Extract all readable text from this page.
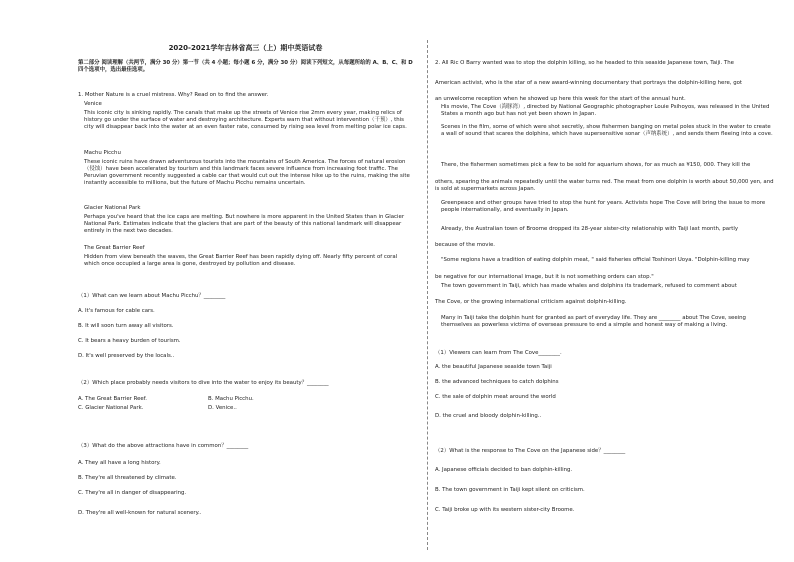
2020-2021学年吉林省高三（上）期中英语试卷
第二部分 阅读理解（共两节，满分 30 分）第一节（共 4 小题；每小题 6 分，满分 30 分）阅读下列短文，从每题所给的 A、B、C、和 D 四个选项中，选出最佳选项。
1. Mother Nature is a cruel mistress. Why? Read on to find the answer.
Venice
This iconic city is sinking rapidly. The canals that make up the streets of Venice rise 2mm every year, making relics of history go under the surface of water and destroying architecture. Experts warn that without intervention（干预）, this city will disappear back into the water at an even faster rate, consumed by rising sea level from melting polar ice caps.
Machu Picchu
These iconic ruins have drawn adventurous tourists into the mountains of South America. The forces of natural erosion（侵蚀）have been accelerated by tourism and this landmark faces severe influence from increasing foot traffic. The Peruvian government recently suggested a cable car that would cut out the intense hike up to the ruins, making the site instantly accessible to millions, but the future of Machu Picchu remains uncertain.
Glacier National Park
Perhaps you've heard that the ice caps are melting. But nowhere is more apparent in the United States than in Glacier National Park. Estimates indicate that the glaciers that are part of the beauty of this national landmark will disappear entirely in the next two decades.
The Great Barrier Reef
Hidden from view beneath the waves, the Great Barrier Reef has been rapidly dying off. Nearly fifty percent of coral which once occupied a large area is gone, destroyed by pollution and disease.
（1）What can we learn about Machu Picchu？________
A. It's famous for cable cars.
B. It will soon turn away all visitors.
C. It bears a heavy burden of tourism.
D. It's well preserved by the locals..
（2）Which place probably needs visitors to dive into the water to enjoy its beauty？________
A. The Great Barrier Reef.	B. Machu Picchu.
C. Glacier National Park.	D. Venice..
（3）What do the above attractions have in common？________
A. They all have a long history.
B. They're all threatened by climate.
C. They're all in danger of disappearing.
D. They're all well-known for natural scenery..
2. All Ric O Barry wanted was to stop the dolphin killing, so he headed to this seaside Japanese town, Taiji. The
American activist, who is the star of a new award-winning documentary that portrays the dolphin-killing here, got
an unwelcome reception when he showed up here this week for the start of the annual hunt.
His movie, The Cove（海豚湾）, directed by National Geographic photographer Louie Psihoyos, was released in the United States a month ago but has not yet been shown in Japan.
Scenes in the film, some of which were shot secretly, show fishermen banging on metal poles stuck in the water to create a wall of sound that scares the dolphins, which have supersensitive sonar（声纳系统）, and sends them fleeing into a cove.
There, the fishermen sometimes pick a few to be sold for aquarium shows, for as much as ¥150, 000. They kill the
others, spearing the animals repeatedly until the water turns red. The meat from one dolphin is worth about 50,000 yen, and is sold at supermarkets across Japan.
Greenpeace and other groups have tried to stop the hunt for years. Activists hope The Cove will bring the issue to more people internationally, and eventually in Japan.
Already, the Australian town of Broome dropped its 28-year sister-city relationship with Taiji last month, partly
because of the movie.
"Some regions have a tradition of eating dolphin meat, " said fisheries official Toshinori Uoya. "Dolphin-killing may
be negative for our international image, but it is not something orders can stop."
The town government in Taiji, which has made whales and dolphins its trademark, refused to comment about
The Cove, or the growing international criticism against dolphin-killing.
Many in Taiji take the dolphin hunt for granted as part of everyday life. They are ________ about The Cove, seeing themselves as powerless victims of overseas pressure to end a simple and honest way of making a living.
（1）Viewers can learn from The Cove________.
A. the beautiful Japanese seaside town Taiji
B. the advanced techniques to catch dolphins
C. the sale of dolphin meat around the world
D. the cruel and bloody dolphin-killing..
（2）What is the response to The Cove on the Japanese side？________
A. Japanese officials decided to ban dolphin-killing.
B. The town government in Taiji kept silent on criticism.
C. Taiji broke up with its western sister-city Broome.
